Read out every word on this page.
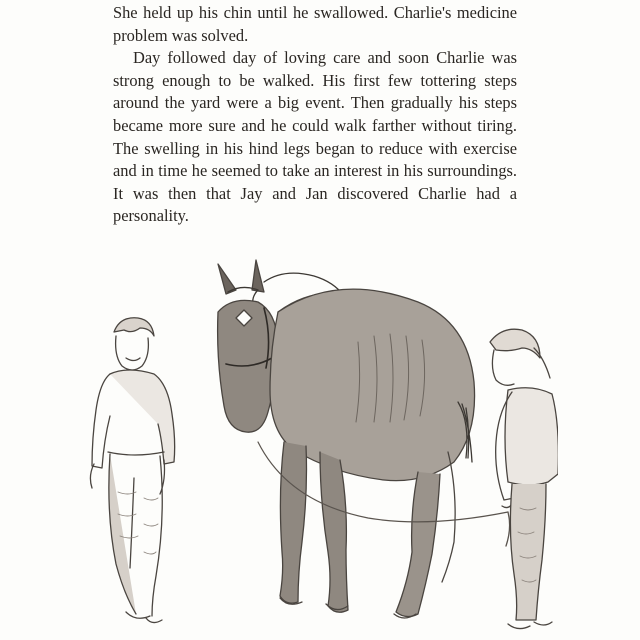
She held up his chin until he swallowed. Charlie's medicine problem was solved.

Day followed day of loving care and soon Charlie was strong enough to be walked. His first few tottering steps around the yard were a big event. Then gradually his steps became more sure and he could walk farther without tiring. The swelling in his hind legs began to reduce with exercise and in time he seemed to take an interest in his surroundings. It was then that Jay and Jan discovered Charlie had a personality.
